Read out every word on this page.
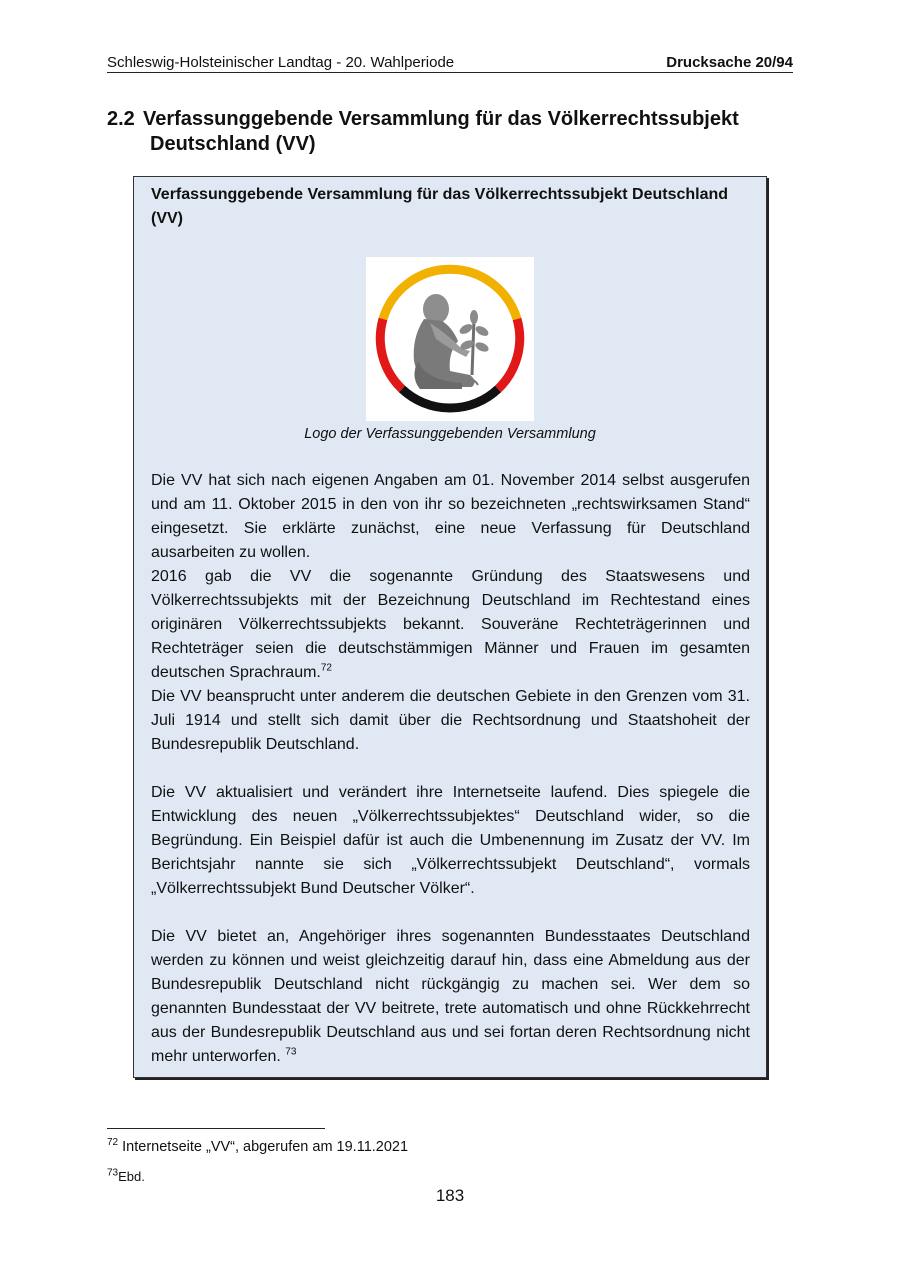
Schleswig-Holsteinischer Landtag - 20. Wahlperiode	Drucksache 20/94
2.2 Verfassunggebende Versammlung für das Völkerrechtssubjekt
Deutschland (VV)
Verfassunggebende Versammlung für das Völkerrechtssubjekt Deutschland (VV)
Logo der Verfassunggebenden Versammlung

Die VV hat sich nach eigenen Angaben am 01. November 2014 selbst ausgerufen und am 11. Oktober 2015 in den von ihr so bezeichneten „rechtswirksamen Stand“ eingesetzt. Sie erklärte zunächst, eine neue Verfassung für Deutschland ausarbeiten zu wollen.

2016 gab die VV die sogenannte Gründung des Staatswesens und Völkerrechtssubjekts mit der Bezeichnung Deutschland im Rechtestand eines originären Völkerrechtssubjekts bekannt. Souveräne Rechteträgerinnen und Rechteträger seien die deutschstämmigen Männer und Frauen im gesamten deutschen Sprachraum.$^{72}$

Die VV beansprucht unter anderem die deutschen Gebiete in den Grenzen vom 31. Juli 1914 und stellt sich damit über die Rechtsordnung und Staatshoheit der Bundesrepublik Deutschland.

Die VV aktualisiert und verändert ihre Internetseite laufend. Dies spiegele die Entwicklung des neuen „Völkerrechtssubjektes“ Deutschland wider, so die Begründung. Ein Beispiel dafür ist auch die Umbenennung im Zusatz der VV. Im Berichtsjahr nannte sie sich „Völkerrechtssubjekt Deutschland“, vormals „Völkerrechtssubjekt Bund Deutscher Völker“.

Die VV bietet an, Angehöriger ihres sogenannten Bundesstaates Deutschland werden zu können und weist gleichzeitig darauf hin, dass eine Abmeldung aus der Bundesrepublik Deutschland nicht rückgängig zu machen sei. Wer dem so genannten Bundesstaat der VV beitrete, trete automatisch und ohne Rückkehrrecht aus der Bundesrepublik Deutschland aus und sei fortan deren Rechtsordnung nicht mehr unterworfen. $^{73}$

$^{72}$ Internetseite „VV“, abgerufen am 19.11.2021
$^{73}$Ebd.
183
